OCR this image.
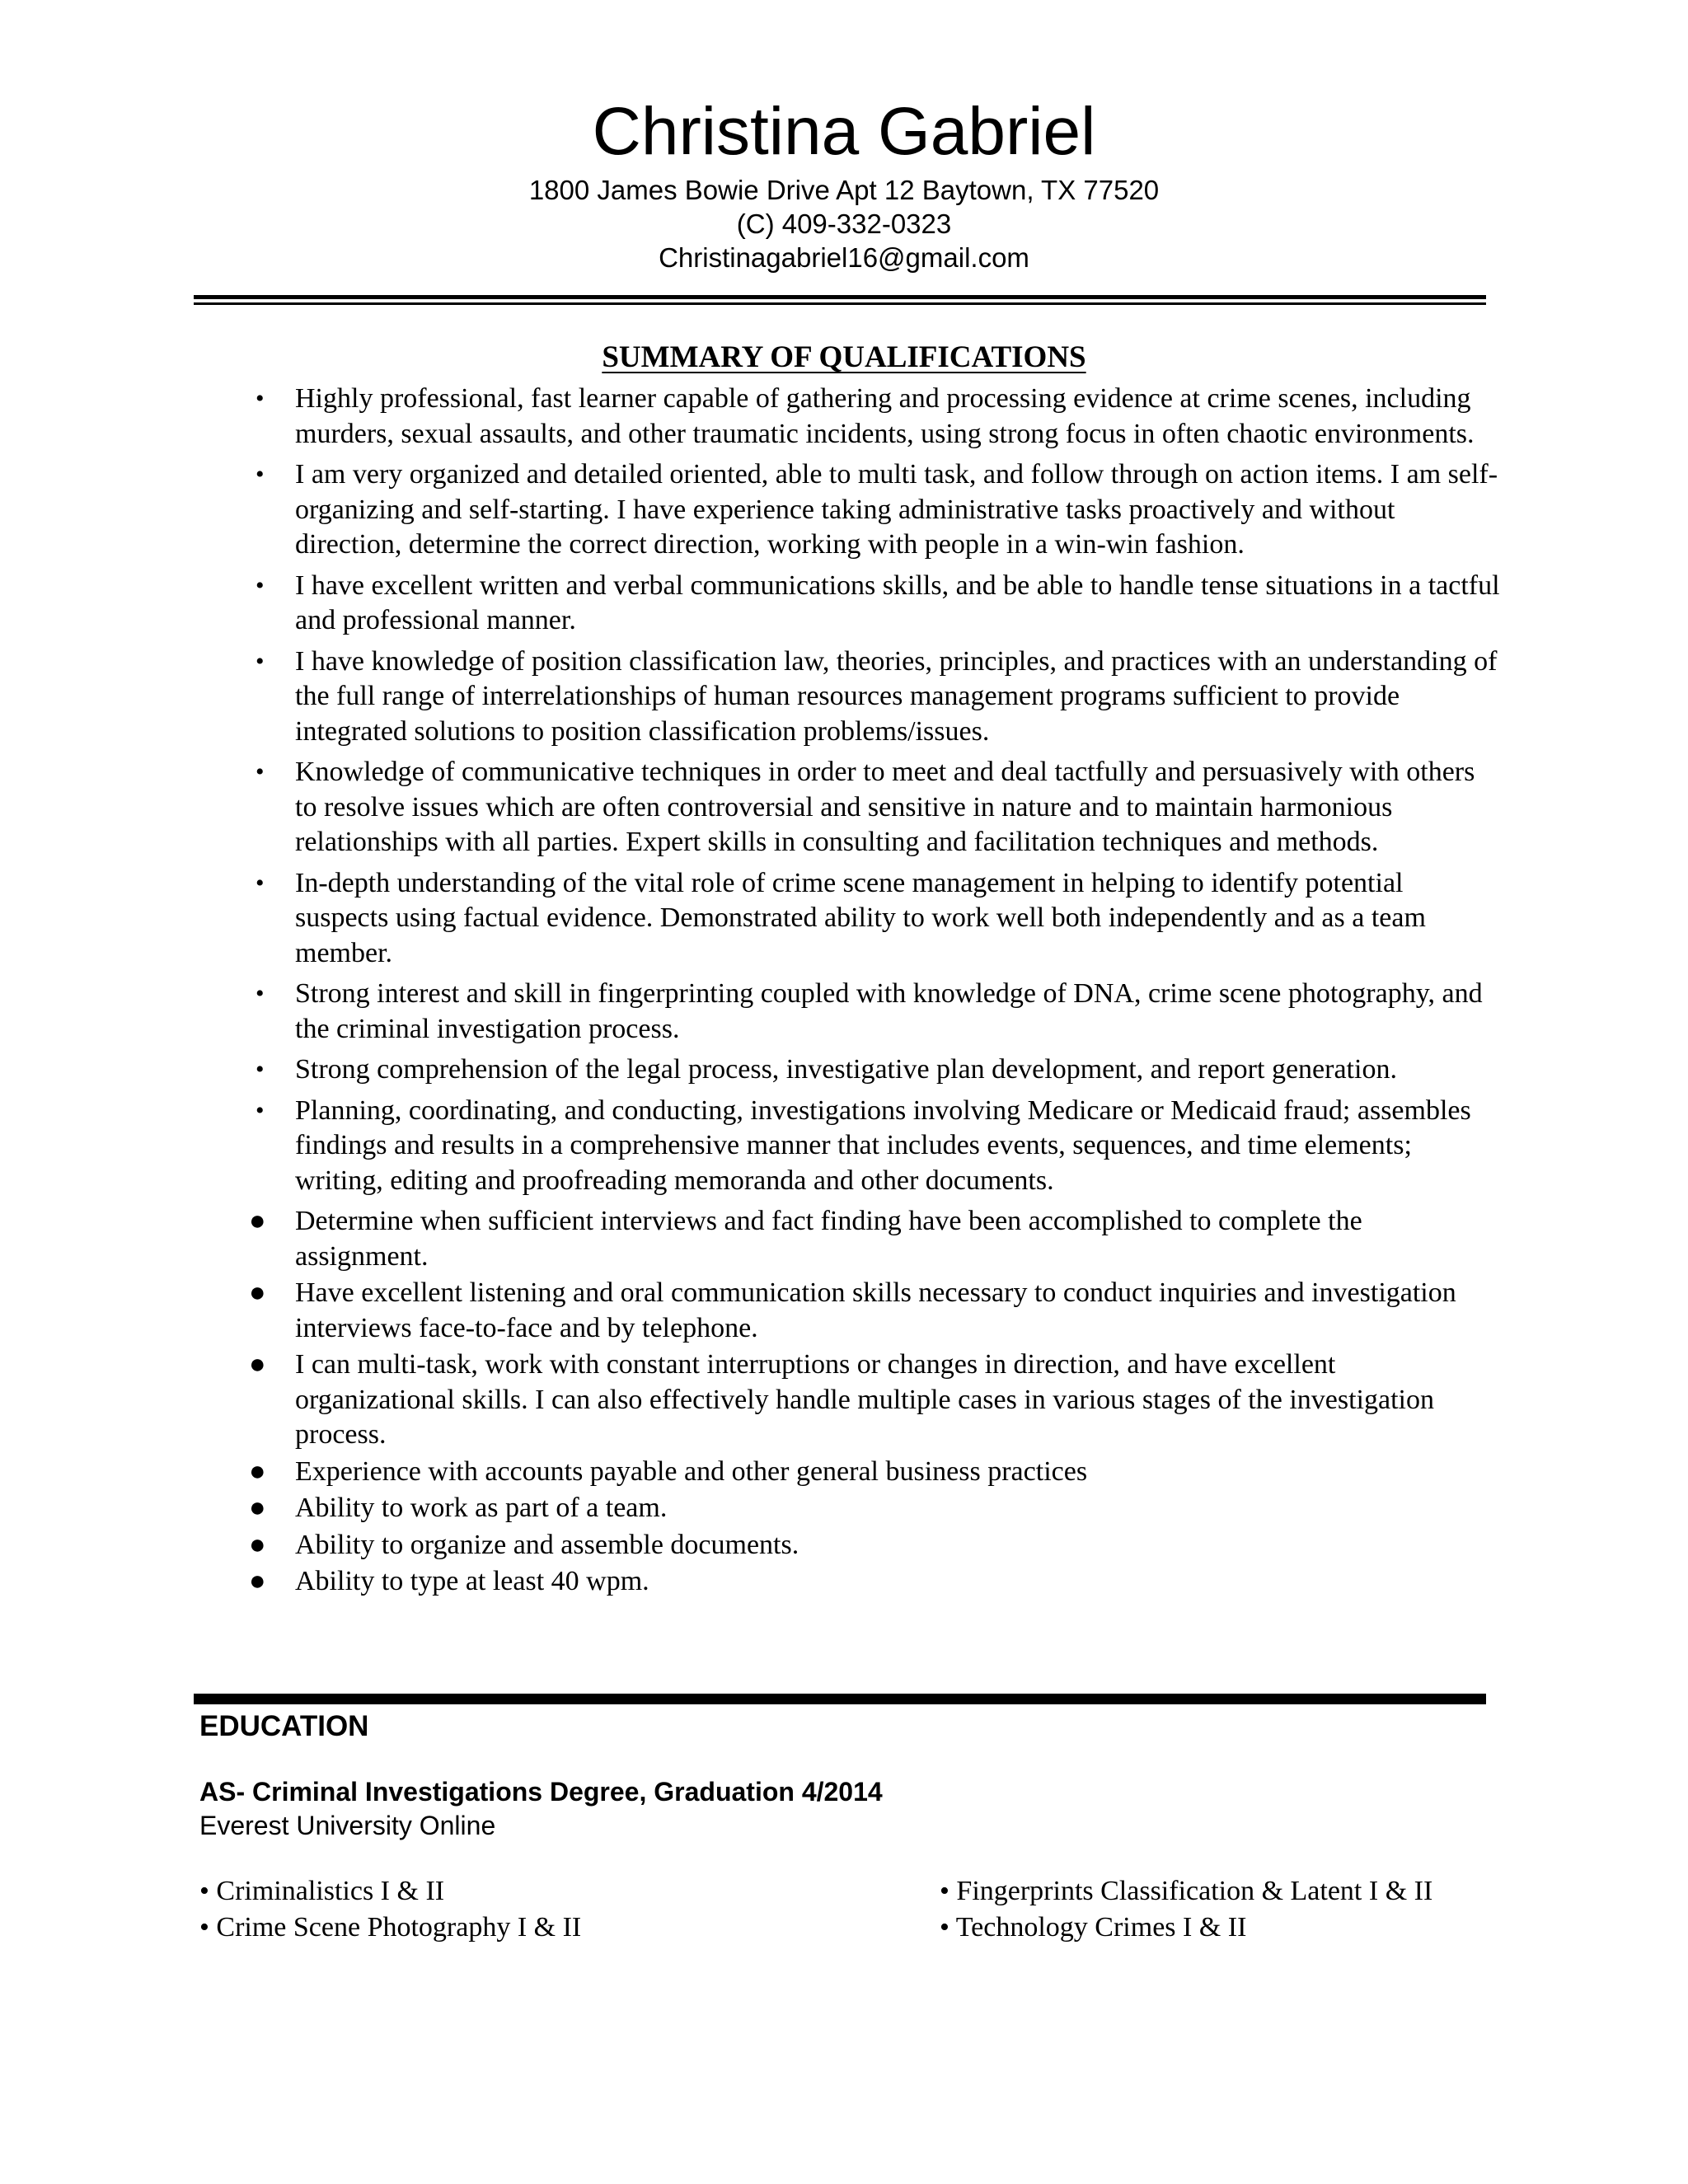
Christina Gabriel
1800 James Bowie Drive Apt 12 Baytown, TX 77520
(C) 409-332-0323
Christinagabriel16@gmail.com
SUMMARY OF QUALIFICATIONS
• Highly professional, fast learner capable of gathering and processing evidence at crime scenes, including murders, sexual assaults, and other traumatic incidents, using strong focus in often chaotic environments.
• I am very organized and detailed oriented, able to multi task, and follow through on action items. I am self-organizing and self-starting. I have experience taking administrative tasks proactively and without direction, determine the correct direction, working with people in a win-win fashion.
• I have excellent written and verbal communications skills, and be able to handle tense situations in a tactful and professional manner.
• I have knowledge of position classification law, theories, principles, and practices with an understanding of the full range of interrelationships of human resources management programs sufficient to provide integrated solutions to position classification problems/issues.
• Knowledge of communicative techniques in order to meet and deal tactfully and persuasively with others to resolve issues which are often controversial and sensitive in nature and to maintain harmonious relationships with all parties. Expert skills in consulting and facilitation techniques and methods.
• In-depth understanding of the vital role of crime scene management in helping to identify potential suspects using factual evidence. Demonstrated ability to work well both independently and as a team member.
• Strong interest and skill in fingerprinting coupled with knowledge of DNA, crime scene photography, and the criminal investigation process.
• Strong comprehension of the legal process, investigative plan development, and report generation.
• Planning, coordinating, and conducting, investigations involving Medicare or Medicaid fraud; assembles findings and results in a comprehensive manner that includes events, sequences, and time elements; writing, editing and proofreading memoranda and other documents.
● Determine when sufficient interviews and fact finding have been accomplished to complete the assignment.
● Have excellent listening and oral communication skills necessary to conduct inquiries and investigation interviews face-to-face and by telephone.
● I can multi-task, work with constant interruptions or changes in direction, and have excellent organizational skills. I can also effectively handle multiple cases in various stages of the investigation process.
● Experience with accounts payable and other general business practices
● Ability to work as part of a team.
● Ability to organize and assemble documents.
● Ability to type at least 40 wpm.
EDUCATION
AS- Criminal Investigations Degree, Graduation 4/2014
Everest University Online
• Criminalistics I & II
• Crime Scene Photography I & II
• Fingerprints Classification & Latent I & II
• Technology Crimes I & II
